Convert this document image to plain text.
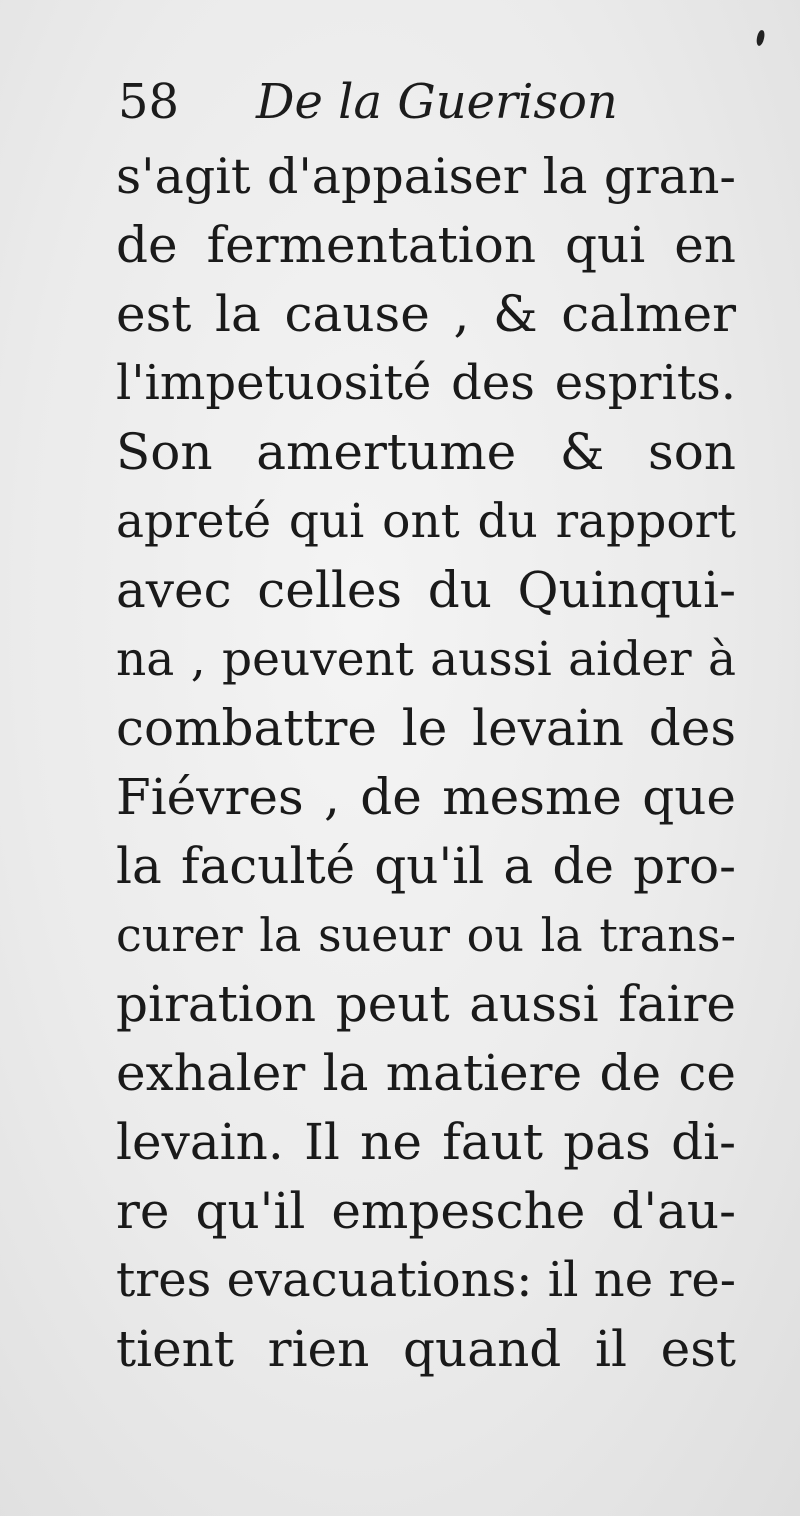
58 De la Guerison
s'agit d'appaiser la gran-
de fermentation qui en
est la cause , & calmer
l'impetuosité des esprits.
Son amertume & son
apreté qui ont du rapport
avec celles du Quinqui-
na , peuvent aussi aider à
combattre le levain des
Fiévres , de mesme que
la faculté qu'il a de pro-
curer la sueur ou la trans-
piration peut aussi faire
exhaler la matiere de ce
levain. Il ne faut pas di-
re qu'il empesche d'au-
tres evacuations: il ne re-
tient rien quand il est
